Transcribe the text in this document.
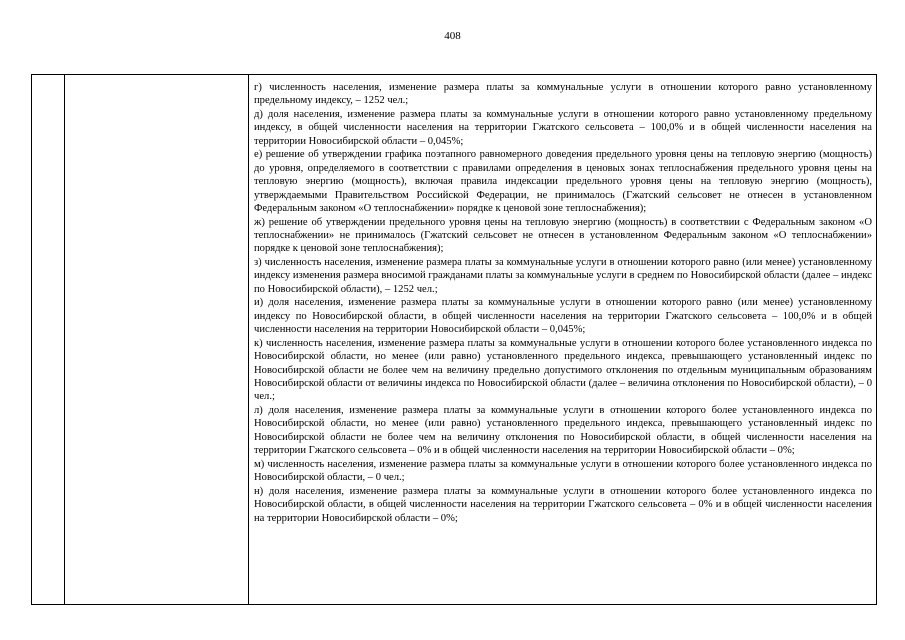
408

г) численность населения, изменение размера платы за коммунальные услуги в отношении которого равно установленному предельному индексу, – 1252 чел.;

д) доля населения, изменение размера платы за коммунальные услуги в отношении которого равно установленному предельному индексу, в общей численности населения на территории Гжатского сельсовета – 100,0% и в общей численности населения на территории Новосибирской области – 0,045%;

е) решение об утверждении графика поэтапного равномерного доведения предельного уровня цены на тепловую энергию (мощность) до уровня, определяемого в соответствии с правилами определения в ценовых зонах теплоснабжения предельного уровня цены на тепловую энергию (мощность), включая правила индексации предельного уровня цены на тепловую энергию (мощность), утверждаемыми Правительством Российской Федерации, не принималось (Гжатский сельсовет не отнесен в установленном Федеральным законом «О теплоснабжении» порядке к ценовой зоне теплоснабжения);

ж) решение об утверждении предельного уровня цены на тепловую энергию (мощность) в соответствии с Федеральным законом «О теплоснабжении» не принималось (Гжатский сельсовет не отнесен в установленном Федеральным законом «О теплоснабжении» порядке к ценовой зоне теплоснабжения);

з) численность населения, изменение размера платы за коммунальные услуги в отношении которого равно (или менее) установленному индексу изменения размера вносимой гражданами платы за коммунальные услуги в среднем по Новосибирской области (далее – индекс по Новосибирской области), – 1252 чел.;

и) доля населения, изменение размера платы за коммунальные услуги в отношении которого равно (или менее) установленному индексу по Новосибирской области, в общей численности населения на территории Гжатского сельсовета – 100,0% и в общей численности населения на территории Новосибирской области – 0,045%;

к) численность населения, изменение размера платы за коммунальные услуги в отношении которого более установленного индекса по Новосибирской области, но менее (или равно) установленного предельного индекса, превышающего установленный индекс по Новосибирской области не более чем на величину предельно допустимого отклонения по отдельным муниципальным образованиям Новосибирской области от величины индекса по Новосибирской области (далее – величина отклонения по Новосибирской области), – 0 чел.;

л) доля населения, изменение размера платы за коммунальные услуги в отношении которого более установленного индекса по Новосибирской области, но менее (или равно) установленного предельного индекса, превышающего установленный индекс по Новосибирской области не более чем на величину отклонения по Новосибирской области, в общей численности населения на территории Гжатского сельсовета – 0% и в общей численности населения на территории Новосибирской области – 0%;

м) численность населения, изменение размера платы за коммунальные услуги в отношении которого более установленного индекса по Новосибирской области, – 0 чел.;

н) доля населения, изменение размера платы за коммунальные услуги в отношении которого более установленного индекса по Новосибирской области, в общей численности населения на территории Гжатского сельсовета – 0% и в общей численности населения на территории Новосибирской области – 0%;
